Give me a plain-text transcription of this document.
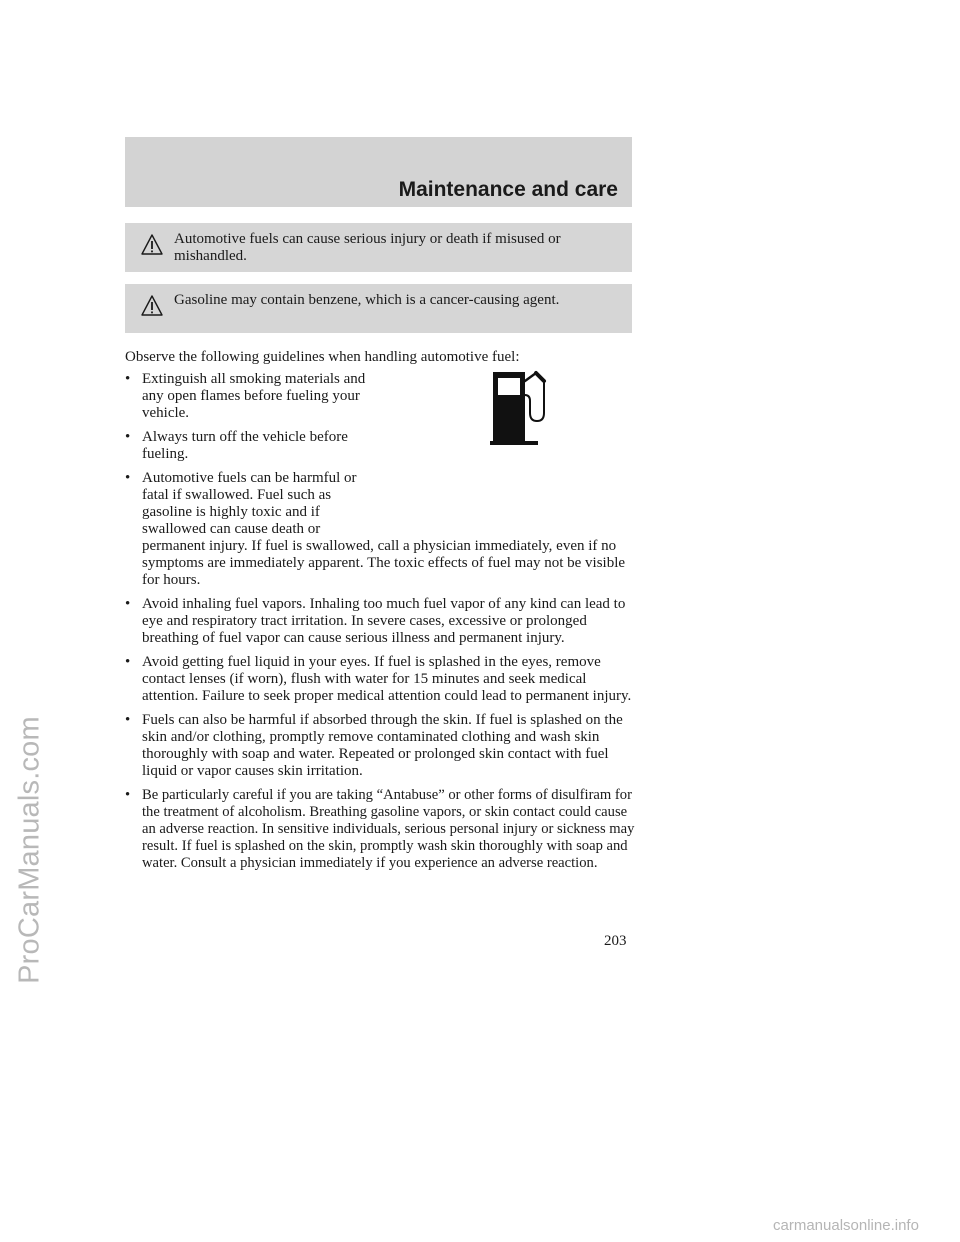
ProCarManuals.com
Maintenance and care
Automotive fuels can cause serious injury or death if misused or mishandled.
Gasoline may contain benzene, which is a cancer-causing agent.
Observe the following guidelines when handling automotive fuel:
• Extinguish all smoking materials and any open flames before fueling your vehicle.
• Always turn off the vehicle before fueling.
• Automotive fuels can be harmful or fatal if swallowed. Fuel such as gasoline is highly toxic and if swallowed can cause death or
permanent injury. If fuel is swallowed, call a physician immediately, even if no symptoms are immediately apparent. The toxic effects of fuel may not be visible for hours.
• Avoid inhaling fuel vapors. Inhaling too much fuel vapor of any kind can lead to eye and respiratory tract irritation. In severe cases, excessive or prolonged breathing of fuel vapor can cause serious illness and permanent injury.
• Avoid getting fuel liquid in your eyes. If fuel is splashed in the eyes, remove contact lenses (if worn), flush with water for 15 minutes and seek medical attention. Failure to seek proper medical attention could lead to permanent injury.
• Fuels can also be harmful if absorbed through the skin. If fuel is splashed on the skin and/or clothing, promptly remove contaminated clothing and wash skin thoroughly with soap and water. Repeated or prolonged skin contact with fuel liquid or vapor causes skin irritation.
• Be particularly careful if you are taking “Antabuse” or other forms of disulfiram for the treatment of alcoholism. Breathing gasoline vapors, or skin contact could cause an adverse reaction. In sensitive individuals, serious personal injury or sickness may result. If fuel is splashed on the skin, promptly wash skin thoroughly with soap and water. Consult a physician immediately if you experience an adverse reaction.
203
carmanualsonline.info
